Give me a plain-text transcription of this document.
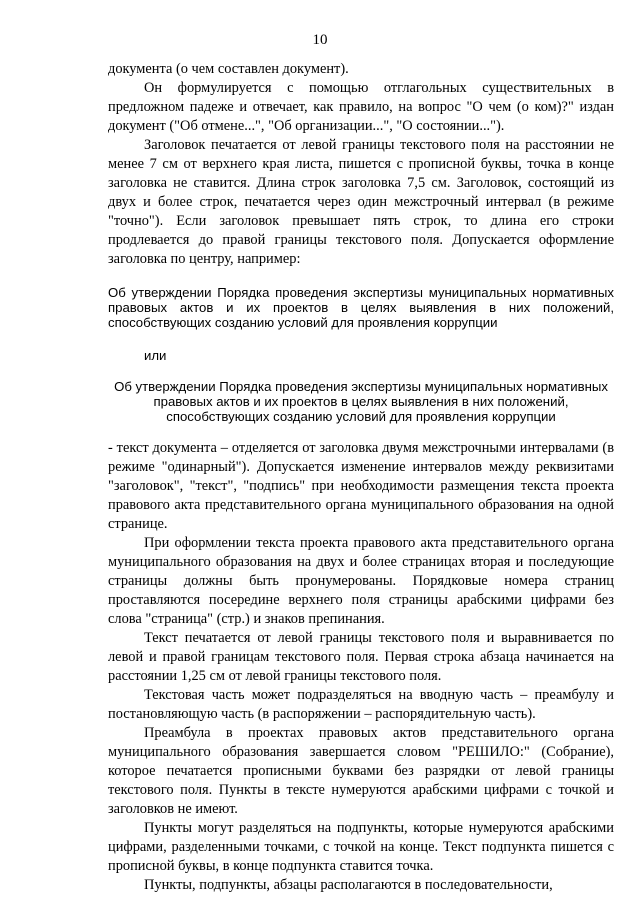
10

документа (о чем составлен документ).

Он формулируется с помощью отглагольных существительных в предложном падеже и отвечает, как правило, на вопрос "О чем (о ком)?" издан документ ("Об отмене...", "Об организации...", "О состоянии...").

Заголовок печатается от левой границы текстового поля на расстоянии не менее 7 см от верхнего края листа, пишется с прописной буквы, точка в конце заголовка не ставится. Длина строк заголовка 7,5 см. Заголовок, состоящий из двух и более строк, печатается через один межстрочный интервал (в режиме "точно"). Если заголовок превышает пять строк, то длина его строки продлевается до правой границы текстового поля. Допускается оформление заголовка по центру, например:

Об утверждении Порядка проведения экспертизы муниципальных нормативных правовых актов и их проектов в целях выявления в них положений, способствующих созданию условий для проявления коррупции

или

Об утверждении Порядка проведения экспертизы муниципальных нормативных правовых актов и их проектов в целях выявления в них положений, способствующих созданию условий для проявления коррупции

- текст документа – отделяется от заголовка двумя межстрочными интервалами (в режиме "одинарный"). Допускается изменение интервалов между реквизитами "заголовок", "текст", "подпись" при необходимости размещения текста проекта правового акта представительного органа муниципального образования на одной странице.

При оформлении текста проекта правового акта представительного органа муниципального образования на двух и более страницах вторая и последующие страницы должны быть пронумерованы. Порядковые номера страниц проставляются посередине верхнего поля страницы арабскими цифрами без слова "страница" (стр.) и знаков препинания.

Текст печатается от левой границы текстового поля и выравнивается по левой и правой границам текстового поля. Первая строка абзаца начинается на расстоянии 1,25 см от левой границы текстового поля.

Текстовая часть может подразделяться на вводную часть – преамбулу и постановляющую часть (в распоряжении – распорядительную часть).

Преамбула в проектах правовых актов представительного органа муниципального образования завершается словом "РЕШИЛО:" (Собрание), которое печатается прописными буквами без разрядки от левой границы текстового поля. Пункты в тексте нумеруются арабскими цифрами с точкой и заголовков не имеют.

Пункты могут разделяться на подпункты, которые нумеруются арабскими цифрами, разделенными точками, с точкой на конце. Текст подпункта пишется с прописной буквы, в конце подпункта ставится точка.

Пункты, подпункты, абзацы располагаются в последовательности,
